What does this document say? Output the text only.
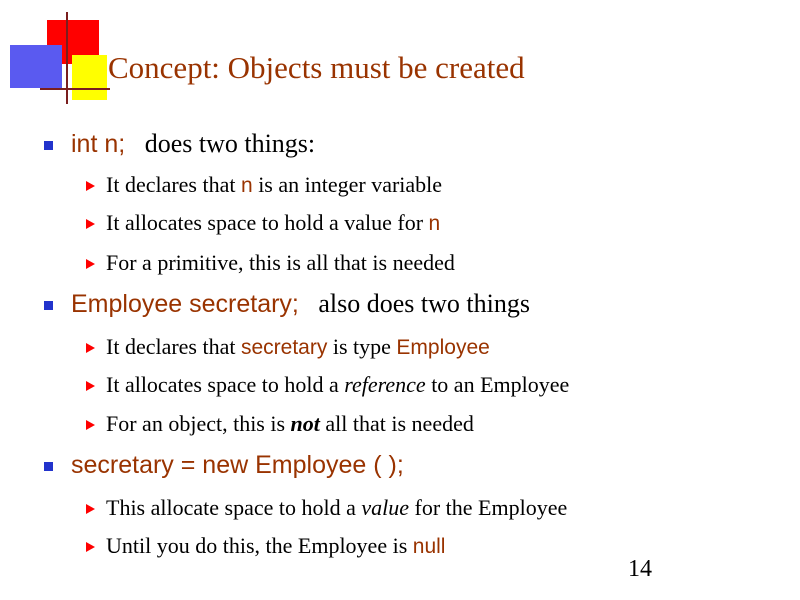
Concept: Objects must be created
int n; does two things:
It declares that n is an integer variable
It allocates space to hold a value for n
For a primitive, this is all that is needed
Employee secretary; also does two things
It declares that secretary is type Employee
It allocates space to hold a reference to an Employee
For an object, this is not all that is needed
secretary = new Employee ( );
This allocate space to hold a value for the Employee
Until you do this, the Employee is null
14
